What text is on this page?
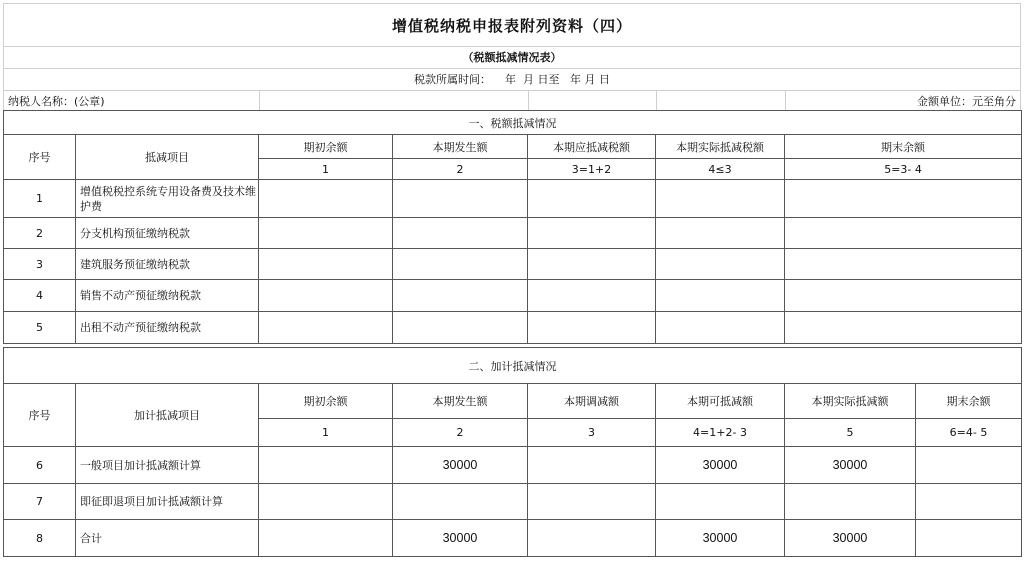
增值税纳税申报表附列资料（四）
（税额抵减情况表）
税款所属时间：    年  月 日至   年 月 日
纳税人名称：(公章)	金额单位：元至角分
一、税额抵减情况						
序号	抵减项目	期初余额	本期发生额	本期应抵减税额	本期实际抵减税额	期末余额
		1	2	3=1+2	4≤3	5=3- 4
1	增值税税控系统专用设备费及技术维护费					
2	分支机构预征缴纳税款					
3	建筑服务预征缴纳税款					
4	销售不动产预征缴纳税款					
5	出租不动产预征缴纳税款					
二、加计抵减情况							
序号	加计抵减项目	期初余额	本期发生额	本期调减额	本期可抵减额	本期实际抵减额	期末余额
		1	2	3	4=1+2- 3	5	6=4- 5
6	一般项目加计抵减额计算		30000		30000	30000	
7	即征即退项目加计抵减额计算						
8	合计		30000		30000	30000	
